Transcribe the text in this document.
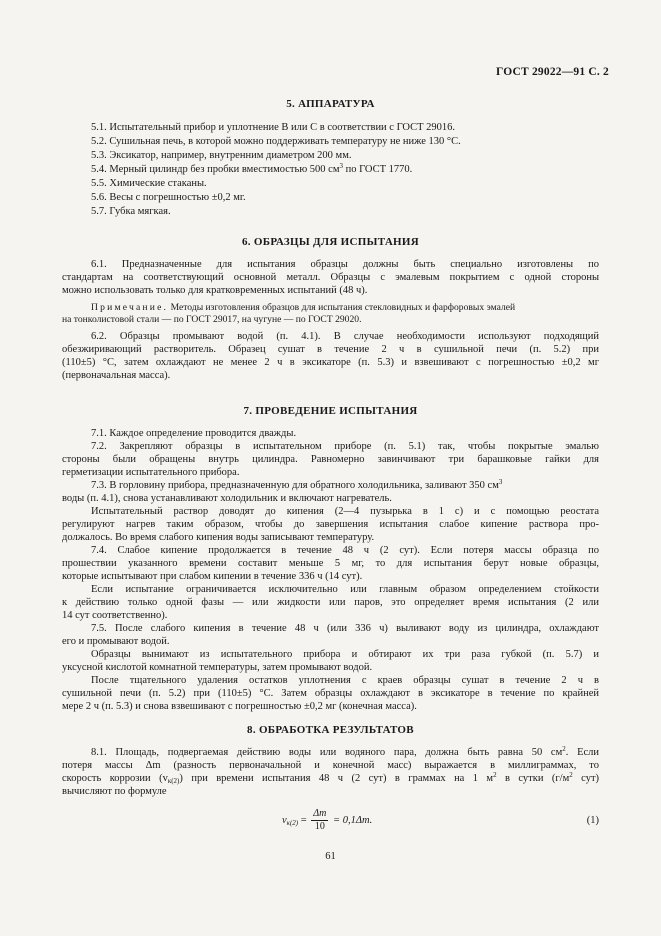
ГОСТ 29022—91 С. 2
5. АППАРАТУРА
5.1. Испытательный прибор и уплотнение В или С в соответствии с ГОСТ 29016.
5.2. Сушильная печь, в которой можно поддерживать температуру не ниже 130 °С.
5.3. Эксикатор, например, внутренним диаметром 200 мм.
5.4. Мерный цилиндр без пробки вместимостью 500 $см^3$ по ГОСТ 1770.
5.5. Химические стаканы.
5.6. Весы с погрешностью ±0,2 мг.
5.7. Губка мягкая.
6. ОБРАЗЦЫ ДЛЯ ИСПЫТАНИЯ
6.1. Предназначенные для испытания образцы должны быть специально изготовлены по
стандартам на соответствующий основной металл. Образцы с эмалевым покрытием с одной стороны
можно использовать только для кратковременных испытаний (48 ч).
Примечание. Методы изготовления образцов для испытания стекловидных и фарфоровых эмалей
на тонколистовой стали — по ГОСТ 29017, на чугуне — по ГОСТ 29020.
6.2. Образцы промывают водой (п. 4.1). В случае необходимости используют подходящий
обезжиривающий растворитель. Образец сушат в течение 2 ч в сушильной печи (п. 5.2) при
(110±5) °С, затем охлаждают не менее 2 ч в эксикаторе (п. 5.3) и взвешивают с погрешностью ±0,2 мг
(первоначальная масса).
7. ПРОВЕДЕНИЕ ИСПЫТАНИЯ
7.1. Каждое определение проводится дважды.
7.2. Закрепляют образцы в испытательном приборе (п. 5.1) так, чтобы покрытые эмалью
стороны были обращены внутрь цилиндра. Равномерно завинчивают три барашковые гайки для
герметизации испытательного прибора.
7.3. В горловину прибора, предназначенную для обратного холодильника, заливают 350 $см^3$
воды (п. 4.1), снова устанавливают холодильник и включают нагреватель.
Испытательный раствор доводят до кипения (2—4 пузырька в 1 с) и с помощью реостата
регулируют нагрев таким образом, чтобы до завершения испытания слабое кипение раствора про-
должалось. Во время слабого кипения воды записывают температуру.
7.4. Слабое кипение продолжается в течение 48 ч (2 сут). Если потеря массы образца по
прошествии указанного времени составит меньше 5 мг, то для испытания берут новые образцы,
которые испытывают при слабом кипении в течение 336 ч (14 сут).
Если испытание ограничивается исключительно или главным образом определением стойкости
к действию только одной фазы — или жидкости или паров, это определяет время испытания (2 или
14 сут соответственно).
7.5. После слабого кипения в течение 48 ч (или 336 ч) выливают воду из цилиндра, охлаждают
его и промывают водой.
Образцы вынимают из испытательного прибора и обтирают их три раза губкой (п. 5.7) и
уксусной кислотой комнатной температуры, затем промывают водой.
После тщательного удаления остатков уплотнения с краев образцы сушат в течение 2 ч в
сушильной печи (п. 5.2) при (110±5) °С. Затем образцы охлаждают в эксикаторе в течение по крайней
мере 2 ч (п. 5.3) и снова взвешивают с погрешностью ±0,2 мг (конечная масса).
8. ОБРАБОТКА РЕЗУЛЬТАТОВ
8.1. Площадь, подвергаемая действию воды или водяного пара, должна быть равна 50 $см^2$. Если
потеря массы Δm (разность первоначальной и конечной масс) выражается в миллиграммах, то
скорость коррозии $(v_{к(2)})$ при времени испытания 48 ч (2 сут) в граммах на 1 $м^2$ в сутки ($г/м^2$ сут)
вычисляют по формуле
$v_{к(2)} = \frac{\Delta m}{10} = 0,1\Delta m$.	(1)
61
